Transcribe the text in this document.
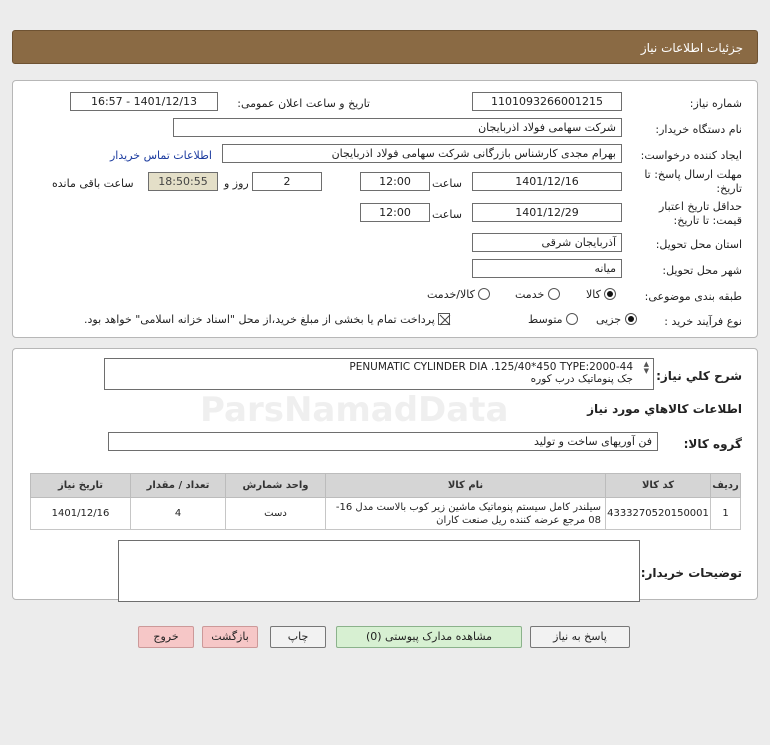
جزئیات اطلاعات نیاز
شماره نیاز:
1101093266001215
تاریخ و ساعت اعلان عمومی:
1401/12/13 - 16:57
نام دستگاه خریدار:
شرکت سهامی فولاد اذربایجان
ایجاد کننده درخواست:
بهرام مجدی کارشناس بازرگانی شرکت سهامی فولاد اذربایجان
اطلاعات تماس خریدار
مهلت ارسال پاسخ: تا
تاریخ:
1401/12/16
ساعت
12:00
2
روز و
18:50:55
ساعت باقی مانده
حداقل تاریخ اعتبار
قیمت: تا تاریخ:
1401/12/29
ساعت
12:00
استان محل تحویل:
آذربایجان شرقی
شهر محل تحویل:
میانه
طبقه بندی موضوعی:
کالا
خدمت
کالا/خدمت
نوع فرآیند خرید :
جزیی
متوسط
پرداخت تمام یا بخشی از مبلغ خرید،از محل "اسناد خزانه اسلامی" خواهد بود.
شرح کلي نياز:
PENUMATIC CYLINDER DIA .125/40*450 TYPE:2000-44
جک پنوماتیک درب کوره
▲
▼
اطلاعات کالاهاي مورد نياز
گروه کالا:
فن آوریهای ساخت و تولید
ردیف	کد کالا	نام کالا	واحد شمارش	تعداد / مقدار	تاریخ نیاز
1	4333270520150001	سیلندر کامل سیستم پنوماتیک ماشین زیر کوب بالاست مدل 16-08 مرجع عرضه کننده ریل صنعت کاران	دست	4	1401/12/16
توضیحات خریدار:
پاسخ به نیاز
مشاهده مدارک پیوستی (0)
چاپ
بازگشت
خروج
